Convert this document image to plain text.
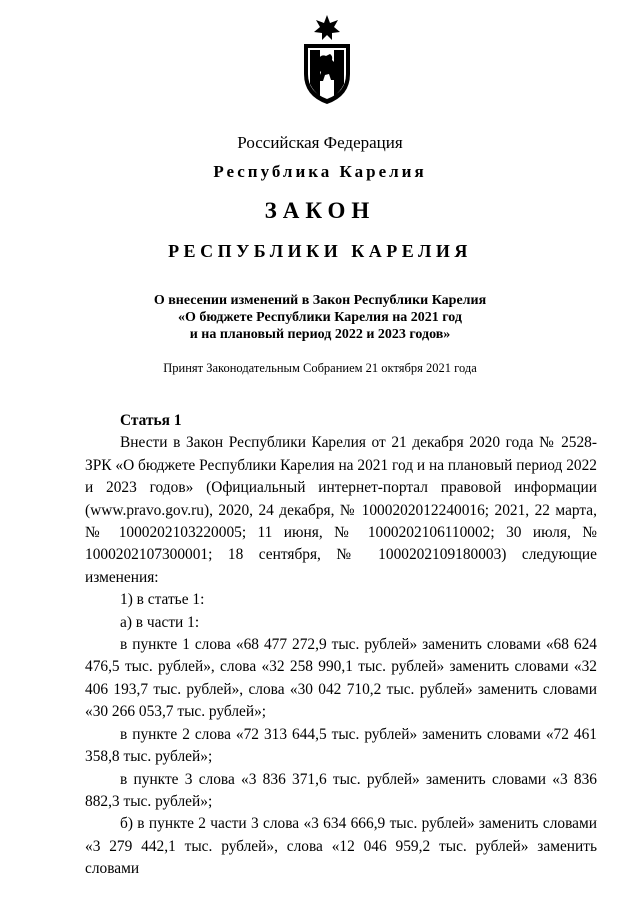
Российская Федерация
Республика Карелия
ЗАКОН
РЕСПУБЛИКИ КАРЕЛИЯ
О внесении изменений в Закон Республики Карелия
«О бюджете Республики Карелия на 2021 год
и на плановый период 2022 и 2023 годов»
Принят Законодательным Собранием 21 октября 2021 года

Статья 1

Внести в Закон Республики Карелия от 21 декабря 2020 года № 2528-ЗРК «О бюджете Республики Карелия на 2021 год и на плановый период 2022 и 2023 годов» (Официальный интернет-портал правовой информации (www.pravo.gov.ru), 2020, 24 декабря, № 1000202012240016; 2021, 22 марта, № 1000202103220005; 11 июня, № 1000202106110002; 30 июля, № 1000202107300001; 18 сентября, № 1000202109180003) следующие изменения:

1) в статье 1:

а) в части 1:

в пункте 1 слова «68 477 272,9 тыс. рублей» заменить словами «68 624 476,5 тыс. рублей», слова «32 258 990,1 тыс. рублей» заменить словами «32 406 193,7 тыс. рублей», слова «30 042 710,2 тыс. рублей» заменить словами «30 266 053,7 тыс. рублей»;

в пункте 2 слова «72 313 644,5 тыс. рублей» заменить словами «72 461 358,8 тыс. рублей»;

в пункте 3 слова «3 836 371,6 тыс. рублей» заменить словами «3 836 882,3 тыс. рублей»;

б) в пункте 2 части 3 слова «3 634 666,9 тыс. рублей» заменить словами «3 279 442,1 тыс. рублей», слова «12 046 959,2 тыс. рублей» заменить словами
